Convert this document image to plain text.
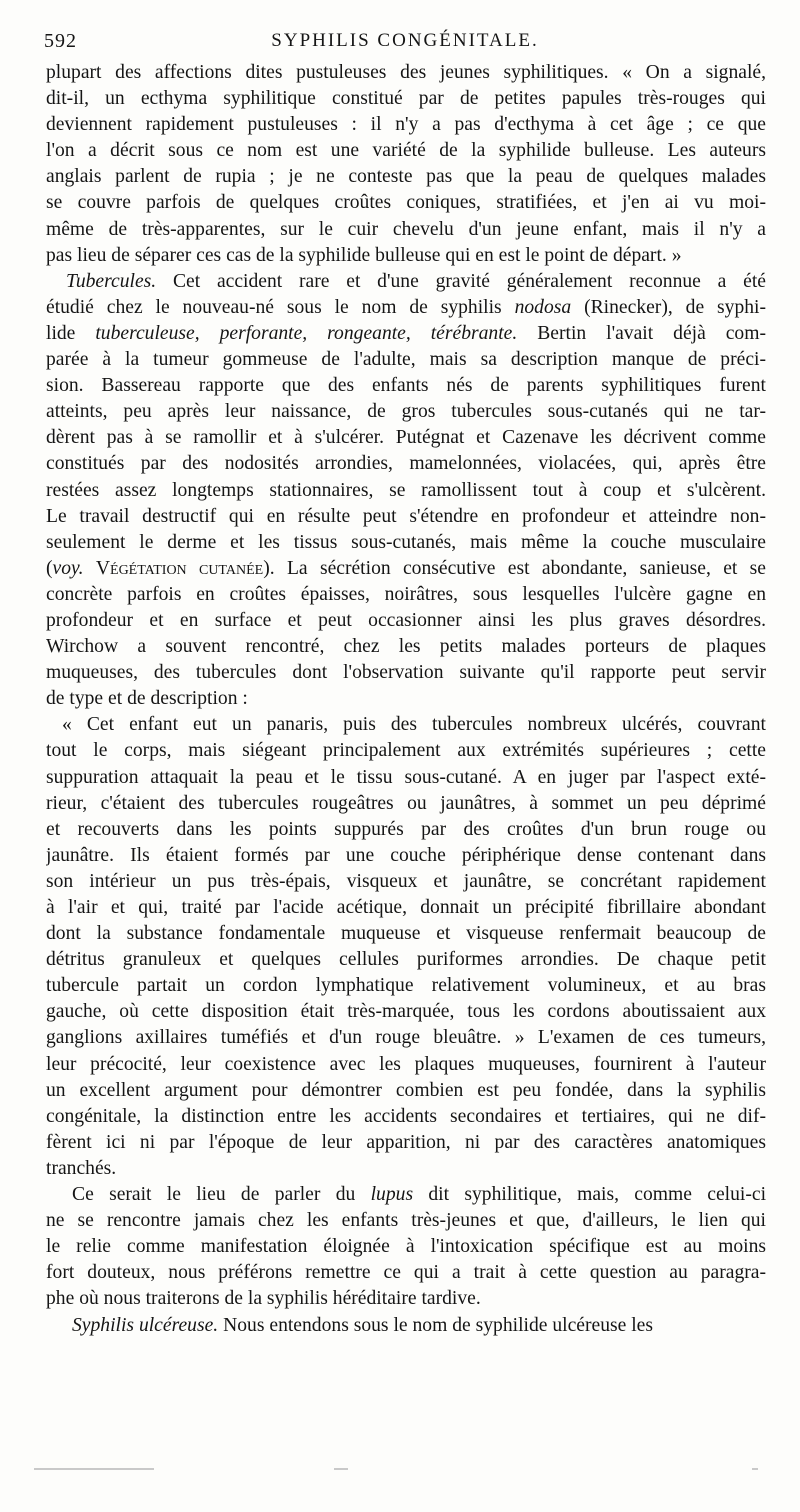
592	SYPHILIS CONGÉNITALE.
plupart des affections dites pustuleuses des jeunes syphilitiques. « On a signalé,
dit-il, un ecthyma syphilitique constitué par de petites papules très-rouges qui
deviennent rapidement pustuleuses : il n'y a pas d'ecthyma à cet âge ; ce que
l'on a décrit sous ce nom est une variété de la syphilide bulleuse. Les auteurs
anglais parlent de rupia ; je ne conteste pas que la peau de quelques malades
se couvre parfois de quelques croûtes coniques, stratifiées, et j'en ai vu moi-
même de très-apparentes, sur le cuir chevelu d'un jeune enfant, mais il n'y a
pas lieu de séparer ces cas de la syphilide bulleuse qui en est le point de départ. »
Tubercules. Cet accident rare et d'une gravité généralement reconnue a été
étudié chez le nouveau-né sous le nom de syphilis nodosa (Rinecker), de syphi-
lide tuberculeuse, perforante, rongeante, térébrante. Bertin l'avait déjà com-
parée à la tumeur gommeuse de l'adulte, mais sa description manque de préci-
sion. Bassereau rapporte que des enfants nés de parents syphilitiques furent
atteints, peu après leur naissance, de gros tubercules sous-cutanés qui ne tar-
dèrent pas à se ramollir et à s'ulcérer. Putégnat et Cazenave les décrivent comme
constitués par des nodosités arrondies, mamelonnées, violacées, qui, après être
restées assez longtemps stationnaires, se ramollissent tout à coup et s'ulcèrent.
Le travail destructif qui en résulte peut s'étendre en profondeur et atteindre non-
seulement le derme et les tissus sous-cutanés, mais même la couche musculaire
(voy. Végétation cutanée). La sécrétion consécutive est abondante, sanieuse, et se
concrète parfois en croûtes épaisses, noirâtres, sous lesquelles l'ulcère gagne en
profondeur et en surface et peut occasionner ainsi les plus graves désordres.
Wirchow a souvent rencontré, chez les petits malades porteurs de plaques
muqueuses, des tubercules dont l'observation suivante qu'il rapporte peut servir
de type et de description :
« Cet enfant eut un panaris, puis des tubercules nombreux ulcérés, couvrant
tout le corps, mais siégeant principalement aux extrémités supérieures ; cette
suppuration attaquait la peau et le tissu sous-cutané. A en juger par l'aspect exté-
rieur, c'étaient des tubercules rougeâtres ou jaunâtres, à sommet un peu déprimé
et recouverts dans les points suppurés par des croûtes d'un brun rouge ou
jaunâtre. Ils étaient formés par une couche périphérique dense contenant dans
son intérieur un pus très-épais, visqueux et jaunâtre, se concrétant rapidement
à l'air et qui, traité par l'acide acétique, donnait un précipité fibrillaire abondant
dont la substance fondamentale muqueuse et visqueuse renfermait beaucoup de
détritus granuleux et quelques cellules puriformes arrondies. De chaque petit
tubercule partait un cordon lymphatique relativement volumineux, et au bras
gauche, où cette disposition était très-marquée, tous les cordons aboutissaient aux
ganglions axillaires tuméfiés et d'un rouge bleuâtre. » L'examen de ces tumeurs,
leur précocité, leur coexistence avec les plaques muqueuses, fournirent à l'auteur
un excellent argument pour démontrer combien est peu fondée, dans la syphilis
congénitale, la distinction entre les accidents secondaires et tertiaires, qui ne dif-
fèrent ici ni par l'époque de leur apparition, ni par des caractères anatomiques
tranchés.
Ce serait le lieu de parler du lupus dit syphilitique, mais, comme celui-ci
ne se rencontre jamais chez les enfants très-jeunes et que, d'ailleurs, le lien qui
le relie comme manifestation éloignée à l'intoxication spécifique est au moins
fort douteux, nous préférons remettre ce qui a trait à cette question au paragra-
phe où nous traiterons de la syphilis héréditaire tardive.
Syphilis ulcéreuse. Nous entendons sous le nom de syphilide ulcéreuse les
